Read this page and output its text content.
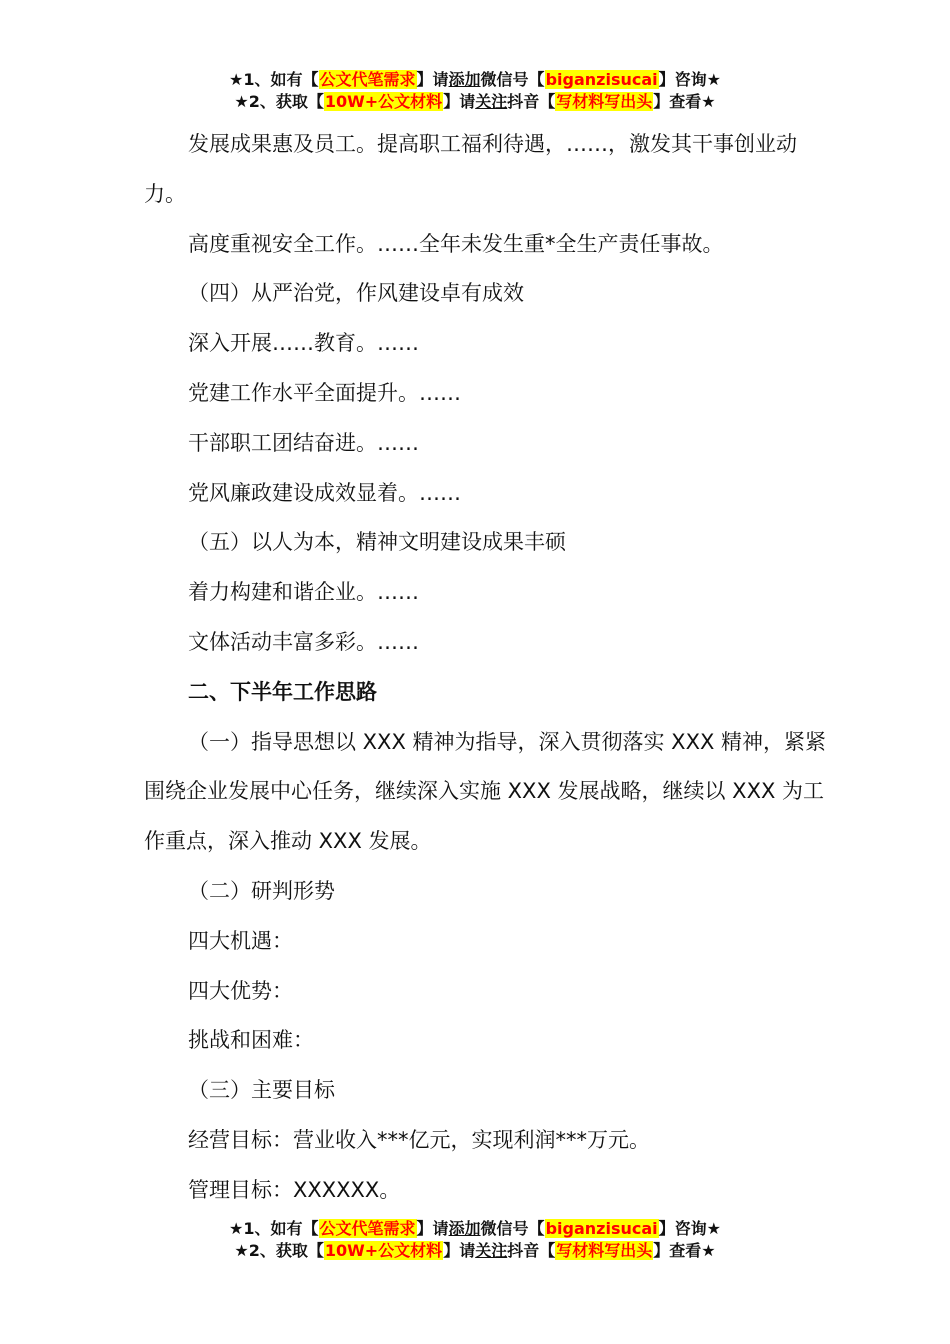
★1、如有【公文代笔需求】请添加微信号【biganzisucai】咨询★
★2、获取【10W+公文材料】请关注抖音【写材料写出头】查看★

发展成果惠及员工。提高职工福利待遇，……，激发其干事创业动力。

高度重视安全工作。……全年未发生重*全生产责任事故。

（四）从严治党，作风建设卓有成效

深入开展……教育。……

党建工作水平全面提升。……

干部职工团结奋进。……

党风廉政建设成效显着。……

（五）以人为本，精神文明建设成果丰硕

着力构建和谐企业。……

文体活动丰富多彩。……

二、下半年工作思路

（一）指导思想以 XXX 精神为指导，深入贯彻落实 XXX 精神，紧紧围绕企业发展中心任务，继续深入实施 XXX 发展战略，继续以 XXX 为工作重点，深入推动 XXX 发展。

（二）研判形势

四大机遇：

四大优势：

挑战和困难：

（三）主要目标

经营目标：营业收入***亿元，实现利润***万元。

管理目标：XXXXXX。

★1、如有【公文代笔需求】请添加微信号【biganzisucai】咨询★
★2、获取【10W+公文材料】请关注抖音【写材料写出头】查看★
